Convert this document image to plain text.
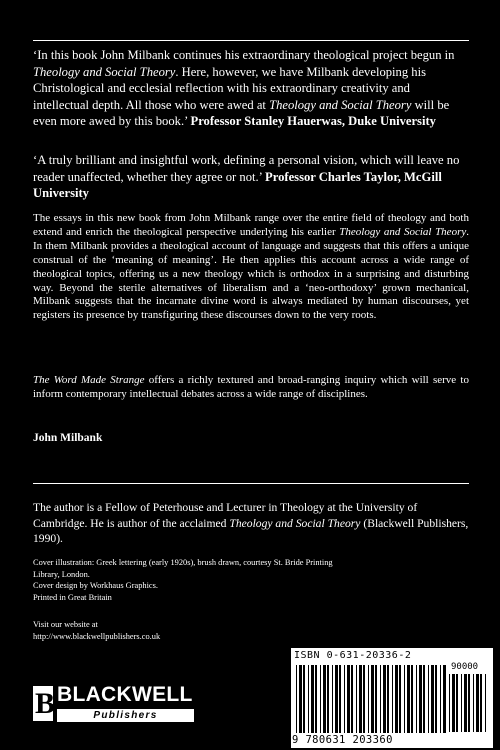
‘In this book John Milbank continues his extraordinary theological project begun in Theology and Social Theory. Here, however, we have Milbank developing his Christological and ecclesial reflection with his extraordinary creativity and intellectual depth. All those who were awed at Theology and Social Theory will be even more awed by this book.’ Professor Stanley Hauerwas, Duke University

‘A truly brilliant and insightful work, defining a personal vision, which will leave no reader unaffected, whether they agree or not.’ Professor Charles Taylor, McGill University

The essays in this new book from John Milbank range over the entire field of theology and both extend and enrich the theological perspective underlying his earlier Theology and Social Theory. In them Milbank provides a theological account of language and suggests that this offers a unique construal of the ‘meaning of meaning’. He then applies this account across a wide range of theological topics, offering us a new theology which is orthodox in a surprising and disturbing way. Beyond the sterile alternatives of liberalism and a ‘neo-orthodoxy’ grown mechanical, Milbank suggests that the incarnate divine word is always mediated by human discourses, yet registers its presence by transfiguring these discourses down to the very roots.

The Word Made Strange offers a richly textured and broad-ranging inquiry which will serve to inform contemporary intellectual debates across a wide range of disciplines.

John Milbank

The author is a Fellow of Peterhouse and Lecturer in Theology at the University of Cambridge. He is author of the acclaimed Theology and Social Theory (Blackwell Publishers, 1990).

Cover illustration: Greek lettering (early 1920s), brush drawn, courtesy St. Bride Printing
Library, London.
Cover design by Workhaus Graphics.
Printed in Great Britain
Visit our website at
http://www.blackwellpublishers.co.uk
ISBN 0-631-20336-2
90000
9 780631 203360
B BLACKWELL
Publishers
